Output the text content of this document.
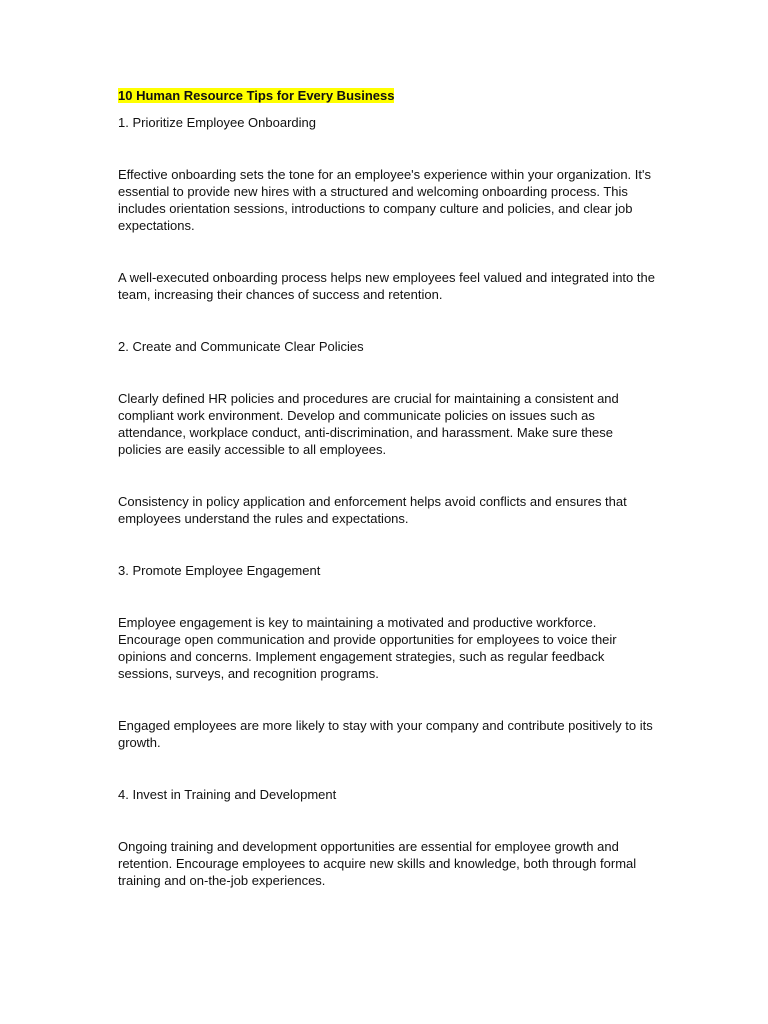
10 Human Resource Tips for Every Business

1. Prioritize Employee Onboarding

Effective onboarding sets the tone for an employee's experience within your organization. It's essential to provide new hires with a structured and welcoming onboarding process. This includes orientation sessions, introductions to company culture and policies, and clear job expectations.

A well-executed onboarding process helps new employees feel valued and integrated into the team, increasing their chances of success and retention.

2. Create and Communicate Clear Policies

Clearly defined HR policies and procedures are crucial for maintaining a consistent and compliant work environment. Develop and communicate policies on issues such as attendance, workplace conduct, anti-discrimination, and harassment. Make sure these policies are easily accessible to all employees.

Consistency in policy application and enforcement helps avoid conflicts and ensures that employees understand the rules and expectations.

3. Promote Employee Engagement

Employee engagement is key to maintaining a motivated and productive workforce. Encourage open communication and provide opportunities for employees to voice their opinions and concerns. Implement engagement strategies, such as regular feedback sessions, surveys, and recognition programs.

Engaged employees are more likely to stay with your company and contribute positively to its growth.

4. Invest in Training and Development

Ongoing training and development opportunities are essential for employee growth and retention. Encourage employees to acquire new skills and knowledge, both through formal training and on-the-job experiences.
